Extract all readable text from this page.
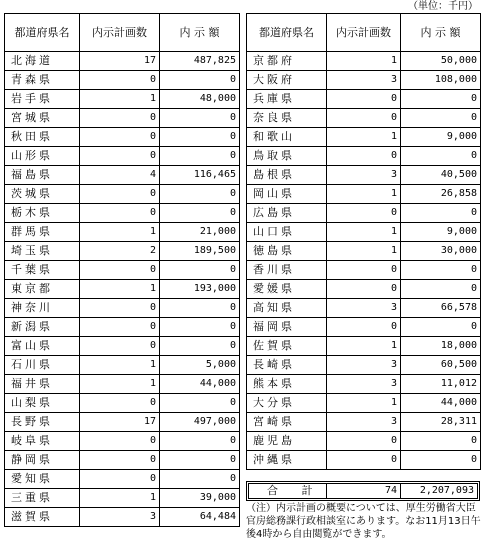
（単位：千円）
都道府県名	内示計画数	内 示 額
北海道	17	487,825
青森県	0	0
岩手県	1	48,000
宮城県	0	0
秋田県	0	0
山形県	0	0
福島県	4	116,465
茨城県	0	0
栃木県	0	0
群馬県	1	21,000
埼玉県	2	189,500
千葉県	0	0
東京都	1	193,000
神奈川	0	0
新潟県	0	0
富山県	0	0
石川県	1	5,000
福井県	1	44,000
山梨県	0	0
長野県	17	497,000
岐阜県	0	0
静岡県	0	0
愛知県	0	0
三重県	1	39,000
滋賀県	3	64,484
都道府県名	内示計画数	内 示 額
京都府	1	50,000
大阪府	3	108,000
兵庫県	0	0
奈良県	0	0
和歌山	1	9,000
鳥取県	0	0
島根県	3	40,500
岡山県	1	26,858
広島県	0	0
山口県	1	9,000
徳島県	1	30,000
香川県	0	0
愛媛県	0	0
高知県	3	66,578
福岡県	0	0
佐賀県	1	18,000
長崎県	3	60,500
熊本県	3	11,012
大分県	1	44,000
宮崎県	3	28,311
鹿児島	0	0
沖縄県	0	0
合 計	74	2,207,093
（注）内示計画の概要については、厚生労働省大臣官房総務課行政相談室にあります。なお11月13日午後4時から自由閲覧ができます。
